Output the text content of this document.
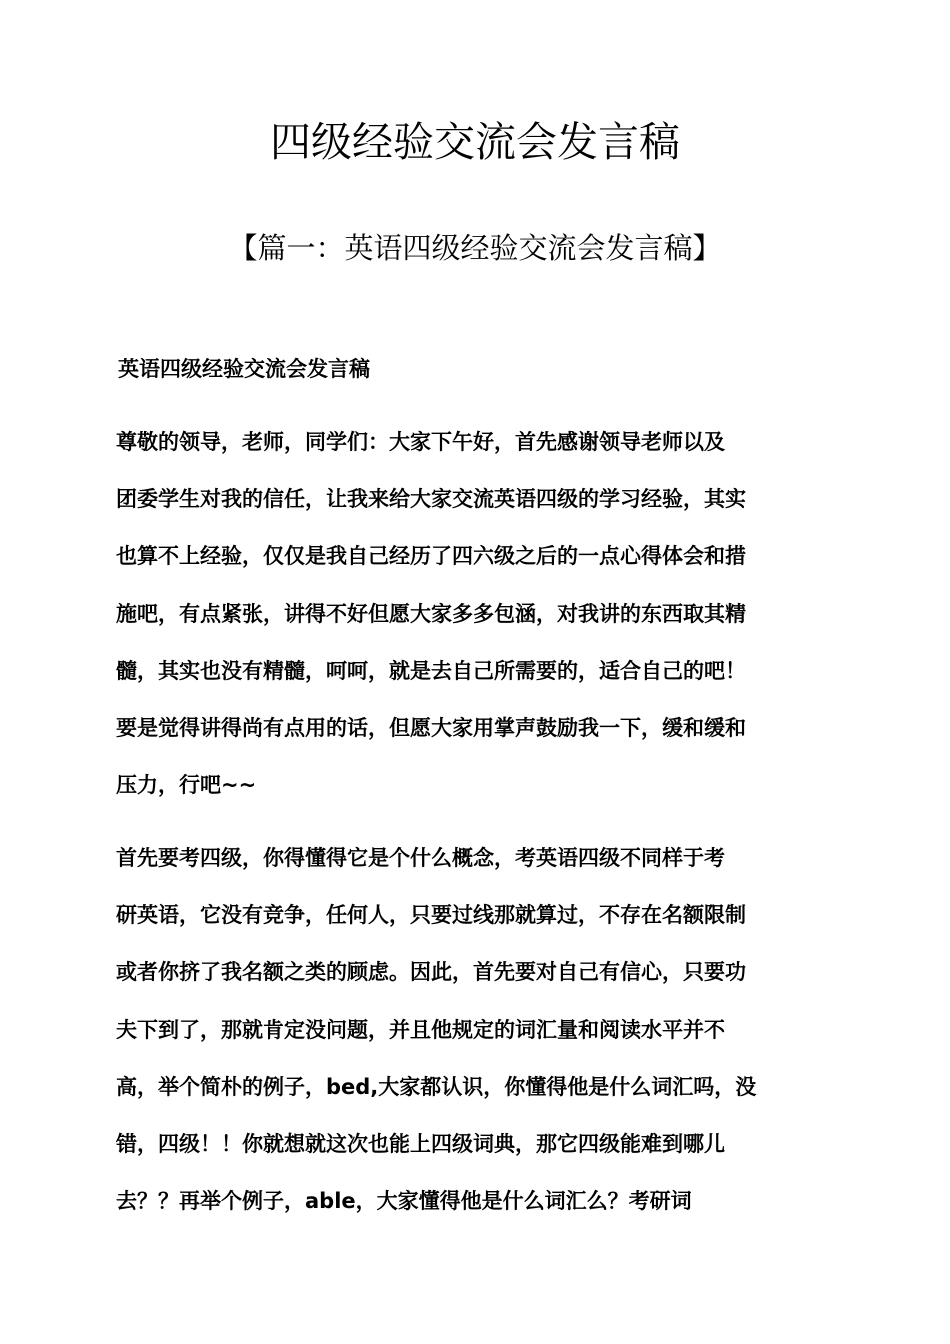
四级经验交流会发言稿
【篇一：英语四级经验交流会发言稿】
英语四级经验交流会发言稿

尊敬的领导，老师，同学们：大家下午好，首先感谢领导老师以及
团委学生对我的信任，让我来给大家交流英语四级的学习经验，其实
也算不上经验，仅仅是我自己经历了四六级之后的一点心得体会和措
施吧，有点紧张，讲得不好但愿大家多多包涵，对我讲的东西取其精
髓，其实也没有精髓，呵呵，就是去自己所需要的，适合自己的吧！
要是觉得讲得尚有点用的话，但愿大家用掌声鼓励我一下，缓和缓和
压力，行吧~~

首先要考四级，你得懂得它是个什么概念，考英语四级不同样于考
研英语，它没有竞争，任何人，只要过线那就算过，不存在名额限制
或者你挤了我名额之类的顾虑。因此，首先要对自己有信心，只要功
夫下到了，那就肯定没问题，并且他规定的词汇量和阅读水平并不
高，举个简朴的例子，bed,大家都认识，你懂得他是什么词汇吗，没
错，四级！！你就想就这次也能上四级词典，那它四级能难到哪儿
去？？再举个例子，able，大家懂得他是什么词汇么？考研词
